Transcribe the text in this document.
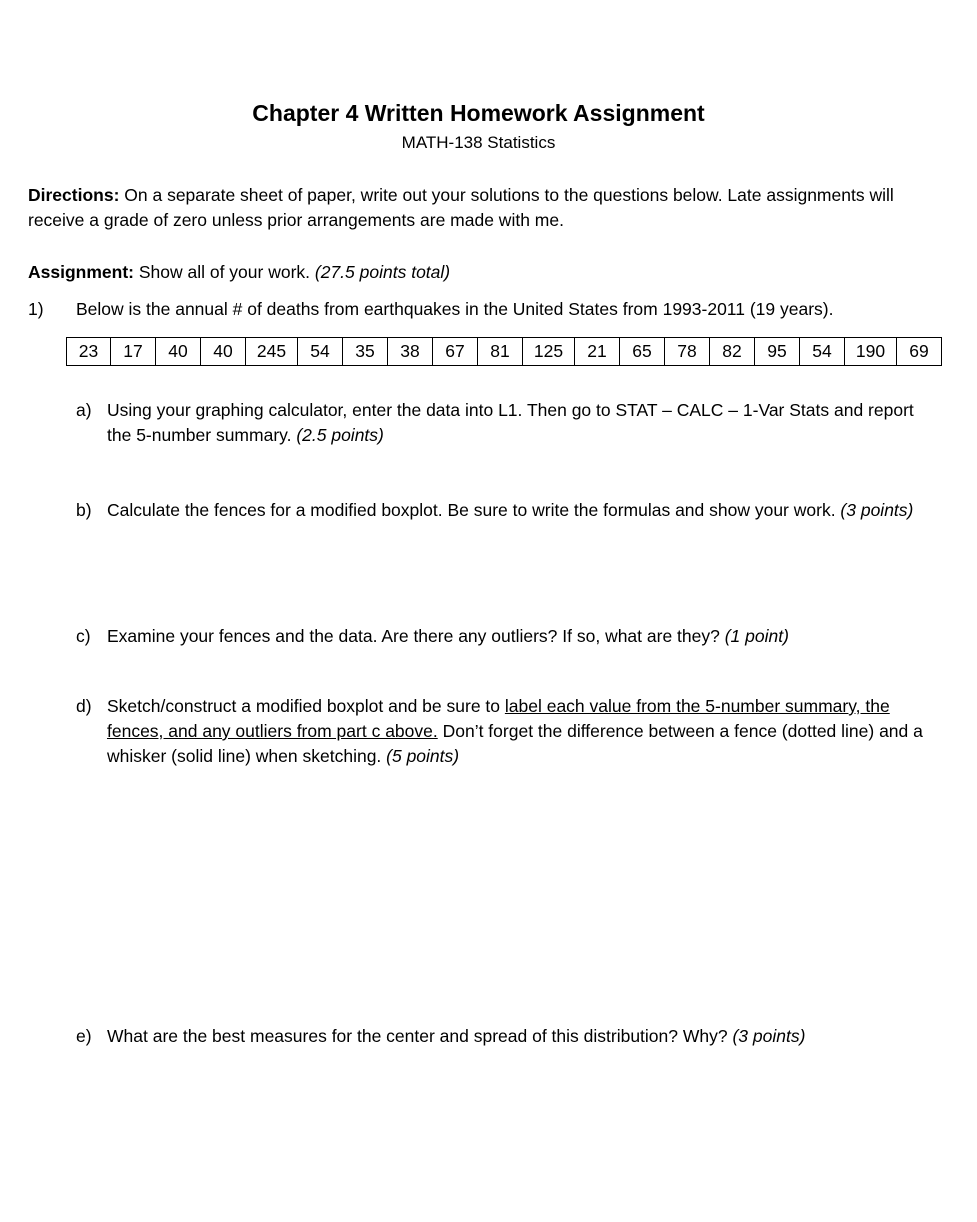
Chapter 4 Written Homework Assignment
MATH-138 Statistics
Directions: On a separate sheet of paper, write out your solutions to the questions below. Late assignments will receive a grade of zero unless prior arrangements are made with me.
Assignment: Show all of your work. (27.5 points total)
1) Below is the annual # of deaths from earthquakes in the United States from 1993-2011 (19 years).
23	17	40	40	245	54	35	38	67	81	125	21	65	78	82	95	54	190	69
a) Using your graphing calculator, enter the data into L1. Then go to STAT – CALC – 1-Var Stats and report the 5-number summary. (2.5 points)
b) Calculate the fences for a modified boxplot. Be sure to write the formulas and show your work. (3 points)
c) Examine your fences and the data. Are there any outliers? If so, what are they? (1 point)
d) Sketch/construct a modified boxplot and be sure to label each value from the 5-number summary, the fences, and any outliers from part c above. Don’t forget the difference between a fence (dotted line) and a whisker (solid line) when sketching. (5 points)
e) What are the best measures for the center and spread of this distribution? Why? (3 points)
